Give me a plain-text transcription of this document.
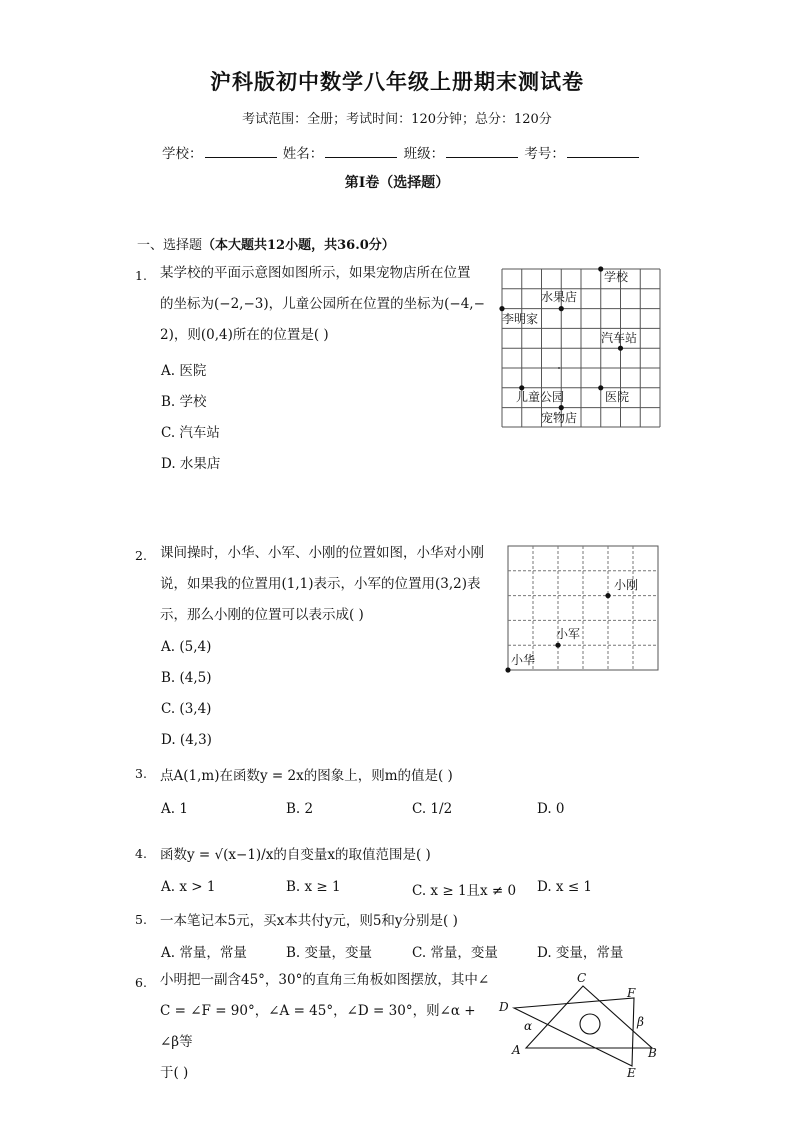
沪科版初中数学八年级上册期末测试卷
考试范围：全册；考试时间：120分钟；总分：120分
学校：	姓名：	班级：	考号：
第I卷（选择题）
一、选择题（本大题共12小题，共36.0分）
1. 某学校的平面示意图如图所示，如果宠物店所在位置
的坐标为(−2,−3)，儿童公园所在位置的坐标为(−4,−
2)，则(0,4)所在的位置是( )
A. 医院
B. 学校
C. 汽车站
D. 水果店
学校
水果店
李明家
汽车站
儿童公园	医院
宠物店
2. 课间操时，小华、小军、小刚的位置如图，小华对小刚
说，如果我的位置用(1,1)表示，小军的位置用(3,2)表
示，那么小刚的位置可以表示成( )
A. (5,4)
B. (4,5)
C. (3,4)
D. (4,3)
小刚
小军
小华
3. 点A(1,m)在函数y = 2x的图象上，则m的值是( )
A. 1	B. 2	C. 1/2	D. 0
4. 函数y = √(x−1)/x的自变量x的取值范围是( )
A. x > 1	B. x ≥ 1	C. x ≥ 1且x ≠ 0 D. x ≤ 1
5. 一本笔记本5元，买x本共付y元，则5和y分别是( )
A. 常量，常量	B. 变量，变量	C. 常量，变量	D. 变量，常量
6. 小明把一副含45°，30°的直角三角板如图摆放，其中∠
C = ∠F = 90°，∠A = 45°，∠D = 30°，则∠α + ∠β等
于( )
C
F
D
α	β
A	B
E
